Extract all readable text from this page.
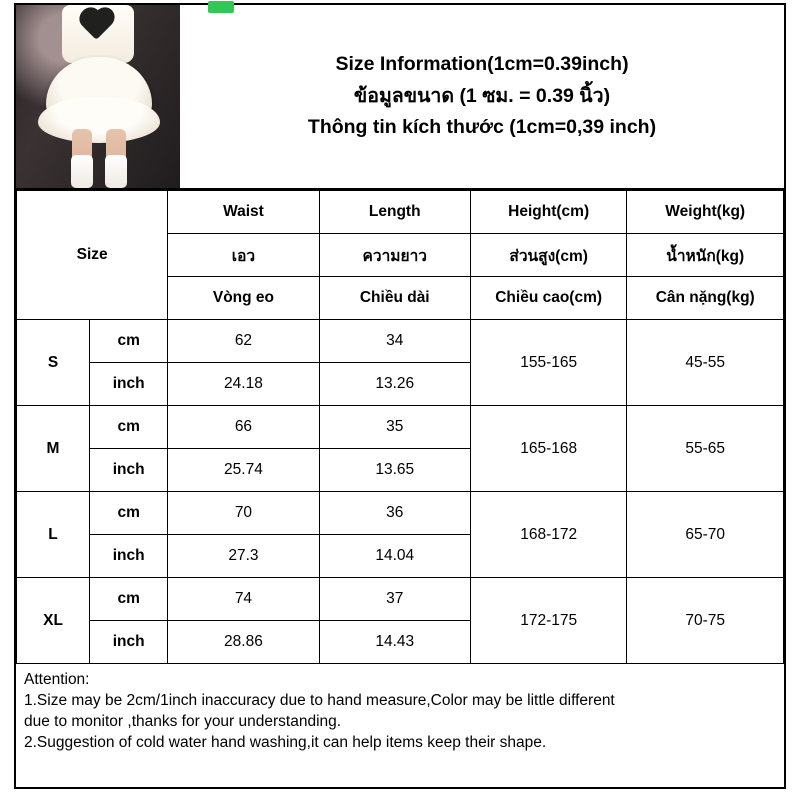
Size Information(1cm=0.39inch)
ข้อมูลขนาด (1 ซม. = 0.39 นิ้ว)
Thông tin kích thước (1cm=0,39 inch)
Size		Waist	Length	Height(cm)	Weight(kg)
		เอว	ความยาว	ส่วนสูง(cm)	น้ำหนัก(kg)
		Vòng eo	Chiều dài	Chiều cao(cm)	Cân nặng(kg)
S	cm	62	34	155-165	45-55
	inch	24.18	13.26		
M	cm	66	35	165-168	55-65
	inch	25.74	13.65		
L	cm	70	36	168-172	65-70
	inch	27.3	14.04		
XL	cm	74	37	172-175	70-75
	inch	28.86	14.43		

Attention:

1.Size may be 2cm/1inch inaccuracy due to hand measure,Color may be little different

due to monitor ,thanks for your understanding.

2.Suggestion of cold water hand washing,it can help items keep their shape.
